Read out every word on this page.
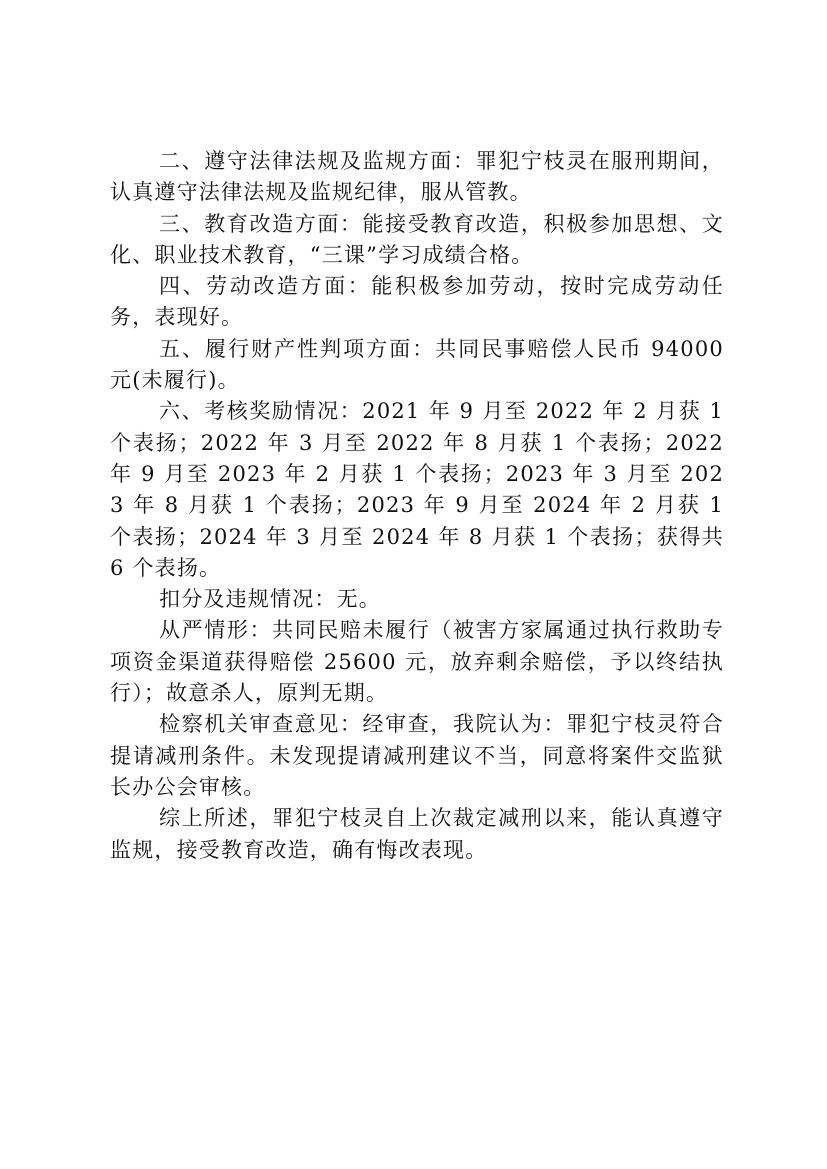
二、遵守法律法规及监规方面：罪犯宁枝灵在服刑期间，认真遵守法律法规及监规纪律，服从管教。

三、教育改造方面：能接受教育改造，积极参加思想、文化、职业技术教育，“三课”学习成绩合格。

四、劳动改造方面：能积极参加劳动，按时完成劳动任务，表现好。

五、履行财产性判项方面：共同民事赔偿人民币 94000 元(未履行)。

六、考核奖励情况：2021 年 9 月至 2022 年 2 月获 1 个表扬；2022 年 3 月至 2022 年 8 月获 1 个表扬；2022 年 9 月至 2023 年 2 月获 1 个表扬；2023 年 3 月至 2023 年 8 月获 1 个表扬；2023 年 9 月至 2024 年 2 月获 1 个表扬；2024 年 3 月至 2024 年 8 月获 1 个表扬；获得共 6 个表扬。

扣分及违规情况：无。

从严情形：共同民赔未履行（被害方家属通过执行救助专项资金渠道获得赔偿 25600 元，放弃剩余赔偿，予以终结执行）；故意杀人，原判无期。

检察机关审查意见：经审查，我院认为：罪犯宁枝灵符合提请减刑条件。未发现提请减刑建议不当，同意将案件交监狱长办公会审核。

综上所述，罪犯宁枝灵自上次裁定减刑以来，能认真遵守监规，接受教育改造，确有悔改表现。
